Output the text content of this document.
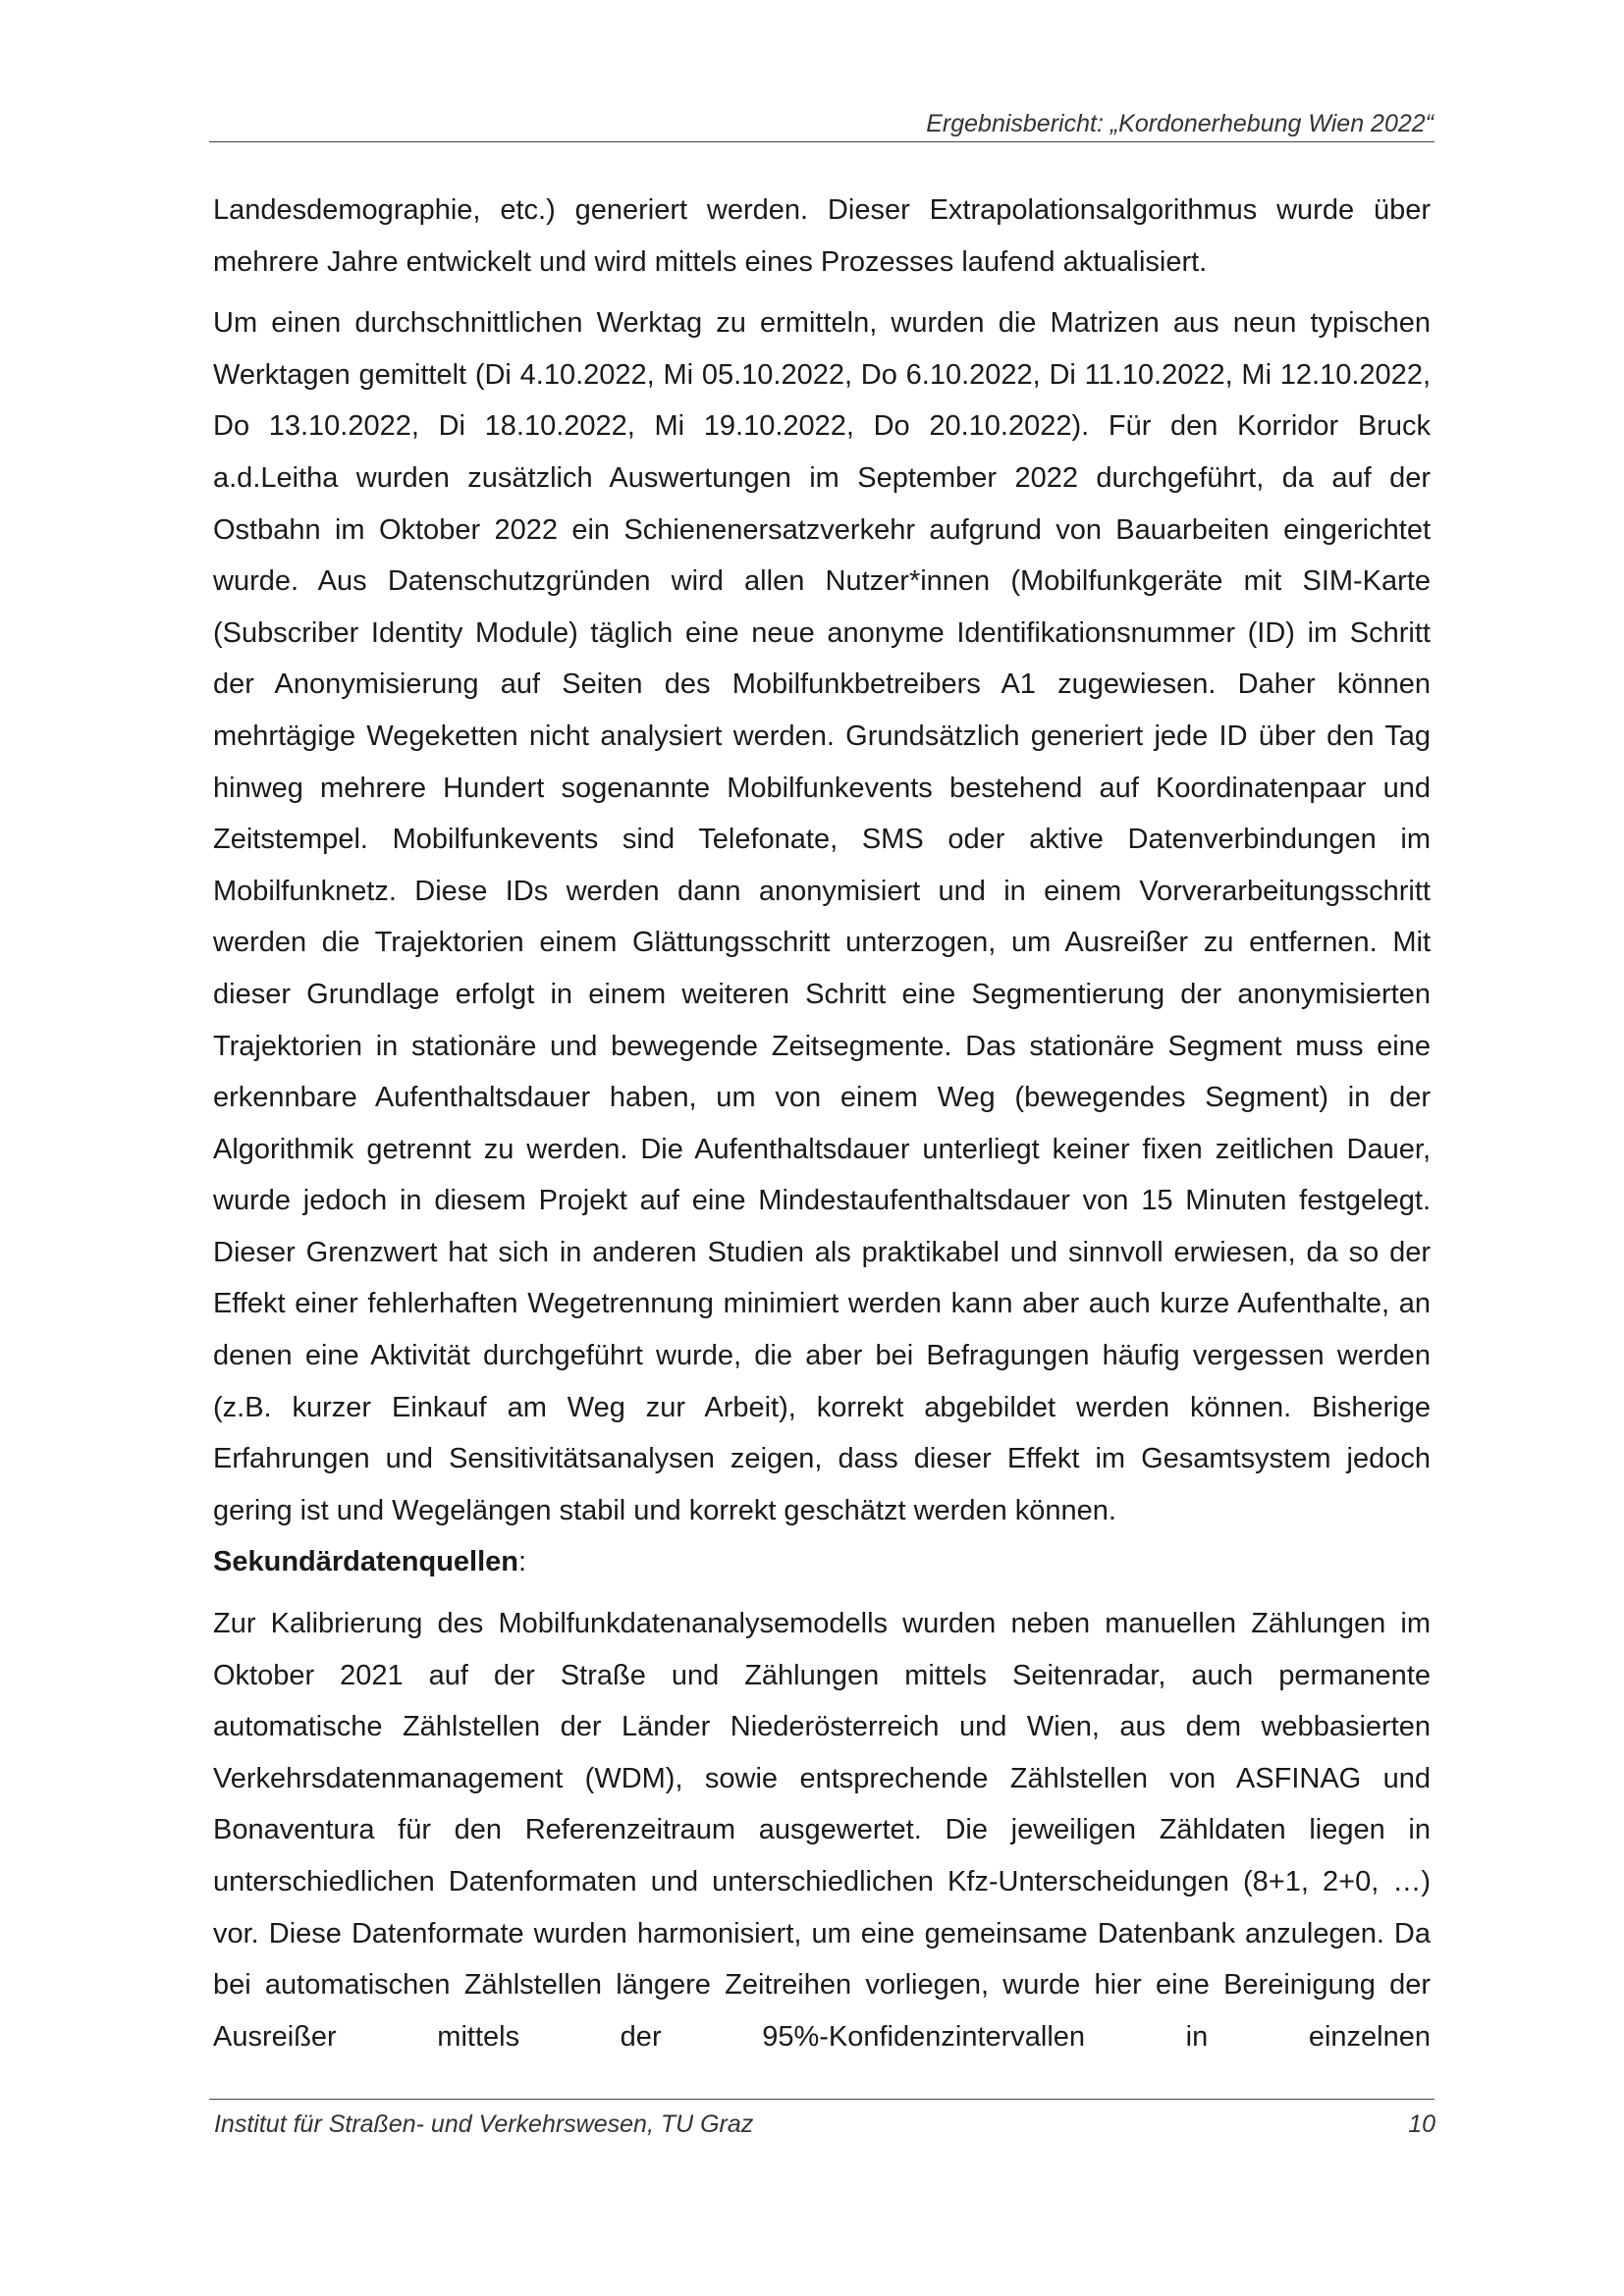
Ergebnisbericht: „Kordonerhebung Wien 2022“

Landesdemographie, etc.) generiert werden. Dieser Extrapolationsalgorithmus wurde über mehrere Jahre entwickelt und wird mittels eines Prozesses laufend aktualisiert.

Um einen durchschnittlichen Werktag zu ermitteln, wurden die Matrizen aus neun typischen Werktagen gemittelt (Di 4.10.2022, Mi 05.10.2022, Do 6.10.2022, Di 11.10.2022, Mi 12.10.2022, Do 13.10.2022, Di 18.10.2022, Mi 19.10.2022, Do 20.10.2022). Für den Korridor Bruck a.d.Leitha wurden zusätzlich Auswertungen im September 2022 durchgeführt, da auf der Ostbahn im Oktober 2022 ein Schienenersatzverkehr aufgrund von Bauarbeiten eingerichtet wurde. Aus Datenschutzgründen wird allen Nutzer*innen (Mobilfunkgeräte mit SIM-Karte (Subscriber Identity Module) täglich eine neue anonyme Identifikationsnummer (ID) im Schritt der Anonymisierung auf Seiten des Mobilfunkbetreibers A1 zugewiesen. Daher können mehrtägige Wegeketten nicht analysiert werden. Grundsätzlich generiert jede ID über den Tag hinweg mehrere Hundert sogenannte Mobilfunkevents bestehend auf Koordinatenpaar und Zeitstempel. Mobilfunkevents sind Telefonate, SMS oder aktive Datenverbindungen im Mobilfunknetz. Diese IDs werden dann anonymisiert und in einem Vorverarbeitungsschritt werden die Trajektorien einem Glättungsschritt unterzogen, um Ausreißer zu entfernen. Mit dieser Grundlage erfolgt in einem weiteren Schritt eine Segmentierung der anonymisierten Trajektorien in stationäre und bewegende Zeitsegmente. Das stationäre Segment muss eine erkennbare Aufenthaltsdauer haben, um von einem Weg (bewegendes Segment) in der Algorithmik getrennt zu werden. Die Aufenthaltsdauer unterliegt keiner fixen zeitlichen Dauer, wurde jedoch in diesem Projekt auf eine Mindestaufenthaltsdauer von 15 Minuten festgelegt. Dieser Grenzwert hat sich in anderen Studien als praktikabel und sinnvoll erwiesen, da so der Effekt einer fehlerhaften Wegetrennung minimiert werden kann aber auch kurze Aufenthalte, an denen eine Aktivität durchgeführt wurde, die aber bei Befragungen häufig vergessen werden (z.B. kurzer Einkauf am Weg zur Arbeit), korrekt abgebildet werden können. Bisherige Erfahrungen und Sensitivitätsanalysen zeigen, dass dieser Effekt im Gesamtsystem jedoch gering ist und Wegelängen stabil und korrekt geschätzt werden können.

Sekundärdatenquellen:

Zur Kalibrierung des Mobilfunkdatenanalysemodells wurden neben manuellen Zählungen im Oktober 2021 auf der Straße und Zählungen mittels Seitenradar, auch permanente automatische Zählstellen der Länder Niederösterreich und Wien, aus dem webbasierten Verkehrsdatenmanagement (WDM), sowie entsprechende Zählstellen von ASFINAG und Bonaventura für den Referenzeitraum ausgewertet. Die jeweiligen Zähldaten liegen in unterschiedlichen Datenformaten und unterschiedlichen Kfz-Unterscheidungen (8+1, 2+0, …) vor. Diese Datenformate wurden harmonisiert, um eine gemeinsame Datenbank anzulegen. Da bei automatischen Zählstellen längere Zeitreihen vorliegen, wurde hier eine Bereinigung der Ausreißer mittels der 95%-Konfidenzintervallen in einzelnen

Institut für Straßen- und Verkehrswesen, TU Graz	10
